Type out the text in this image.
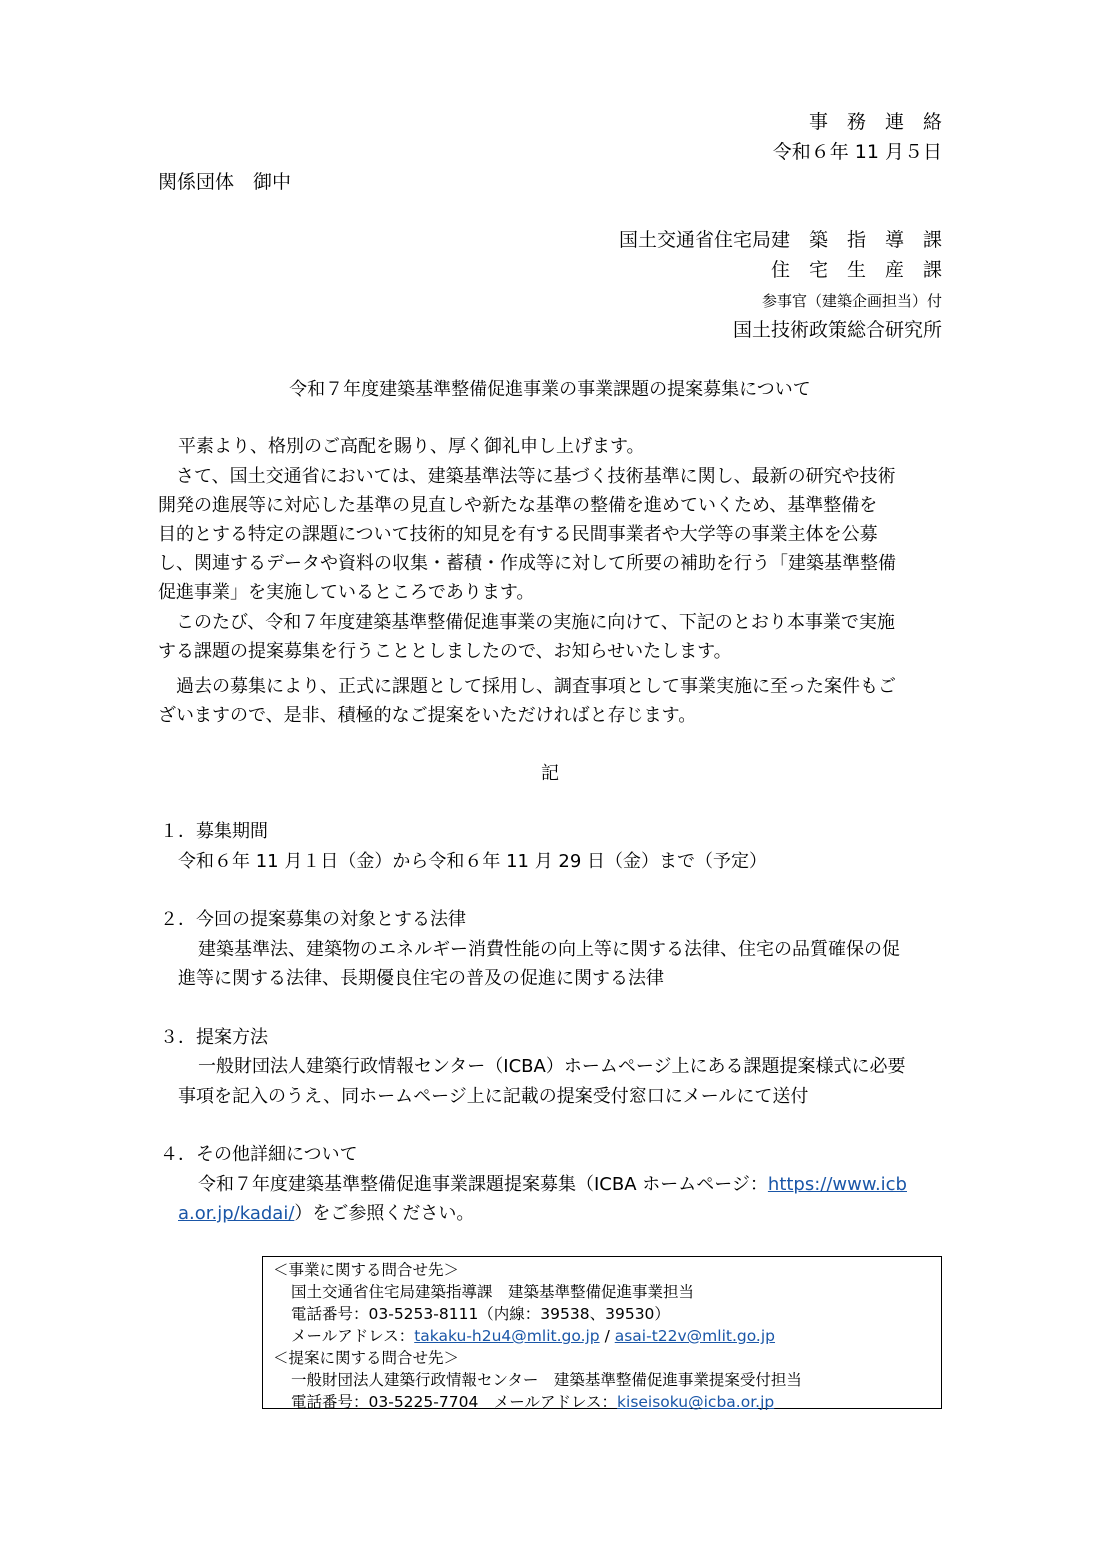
事　務　連　絡
令和６年 11 月５日
関係団体　御中
国土交通省住宅局建　築　指　導　課
住　宅　生　産　課
参事官（建築企画担当）付
国土技術政策総合研究所
令和７年度建築基準整備促進事業の事業課題の提案募集について
平素より、格別のご高配を賜り、厚く御礼申し上げます。
　さて、国土交通省においては、建築基準法等に基づく技術基準に関し、最新の研究や技術
開発の進展等に対応した基準の見直しや新たな基準の整備を進めていくため、基準整備を
目的とする特定の課題について技術的知見を有する民間事業者や大学等の事業主体を公募
し、関連するデータや資料の収集・蓄積・作成等に対して所要の補助を行う「建築基準整備
促進事業」を実施しているところであります。
　このたび、令和７年度建築基準整備促進事業の実施に向けて、下記のとおり本事業で実施
する課題の提案募集を行うこととしましたので、お知らせいたします。
　過去の募集により、正式に課題として採用し、調査事項として事業実施に至った案件もご
ざいますので、是非、積極的なご提案をいただければと存じます。
記
１．募集期間
令和６年 11 月１日（金）から令和６年 11 月 29 日（金）まで（予定）
２．今回の提案募集の対象とする法律
建築基準法、建築物のエネルギー消費性能の向上等に関する法律、住宅の品質確保の促
進等に関する法律、長期優良住宅の普及の促進に関する法律
３．提案方法
一般財団法人建築行政情報センター（ICBA）ホームページ上にある課題提案様式に必要
事項を記入のうえ、同ホームページ上に記載の提案受付窓口にメールにて送付
４．その他詳細について
令和７年度建築基準整備促進事業課題提案募集（ICBA ホームページ：https://www.icb
a.or.jp/kadai/）をご参照ください。
＜事業に関する問合せ先＞
国土交通省住宅局建築指導課　建築基準整備促進事業担当
電話番号：03-5253-8111（内線：39538、39530）
メールアドレス：takaku-h2u4@mlit.go.jp / asai-t22v@mlit.go.jp
＜提案に関する問合せ先＞
一般財団法人建築行政情報センター　建築基準整備促進事業提案受付担当
電話番号：03-5225-7704　メールアドレス：kiseisoku@icba.or.jp
